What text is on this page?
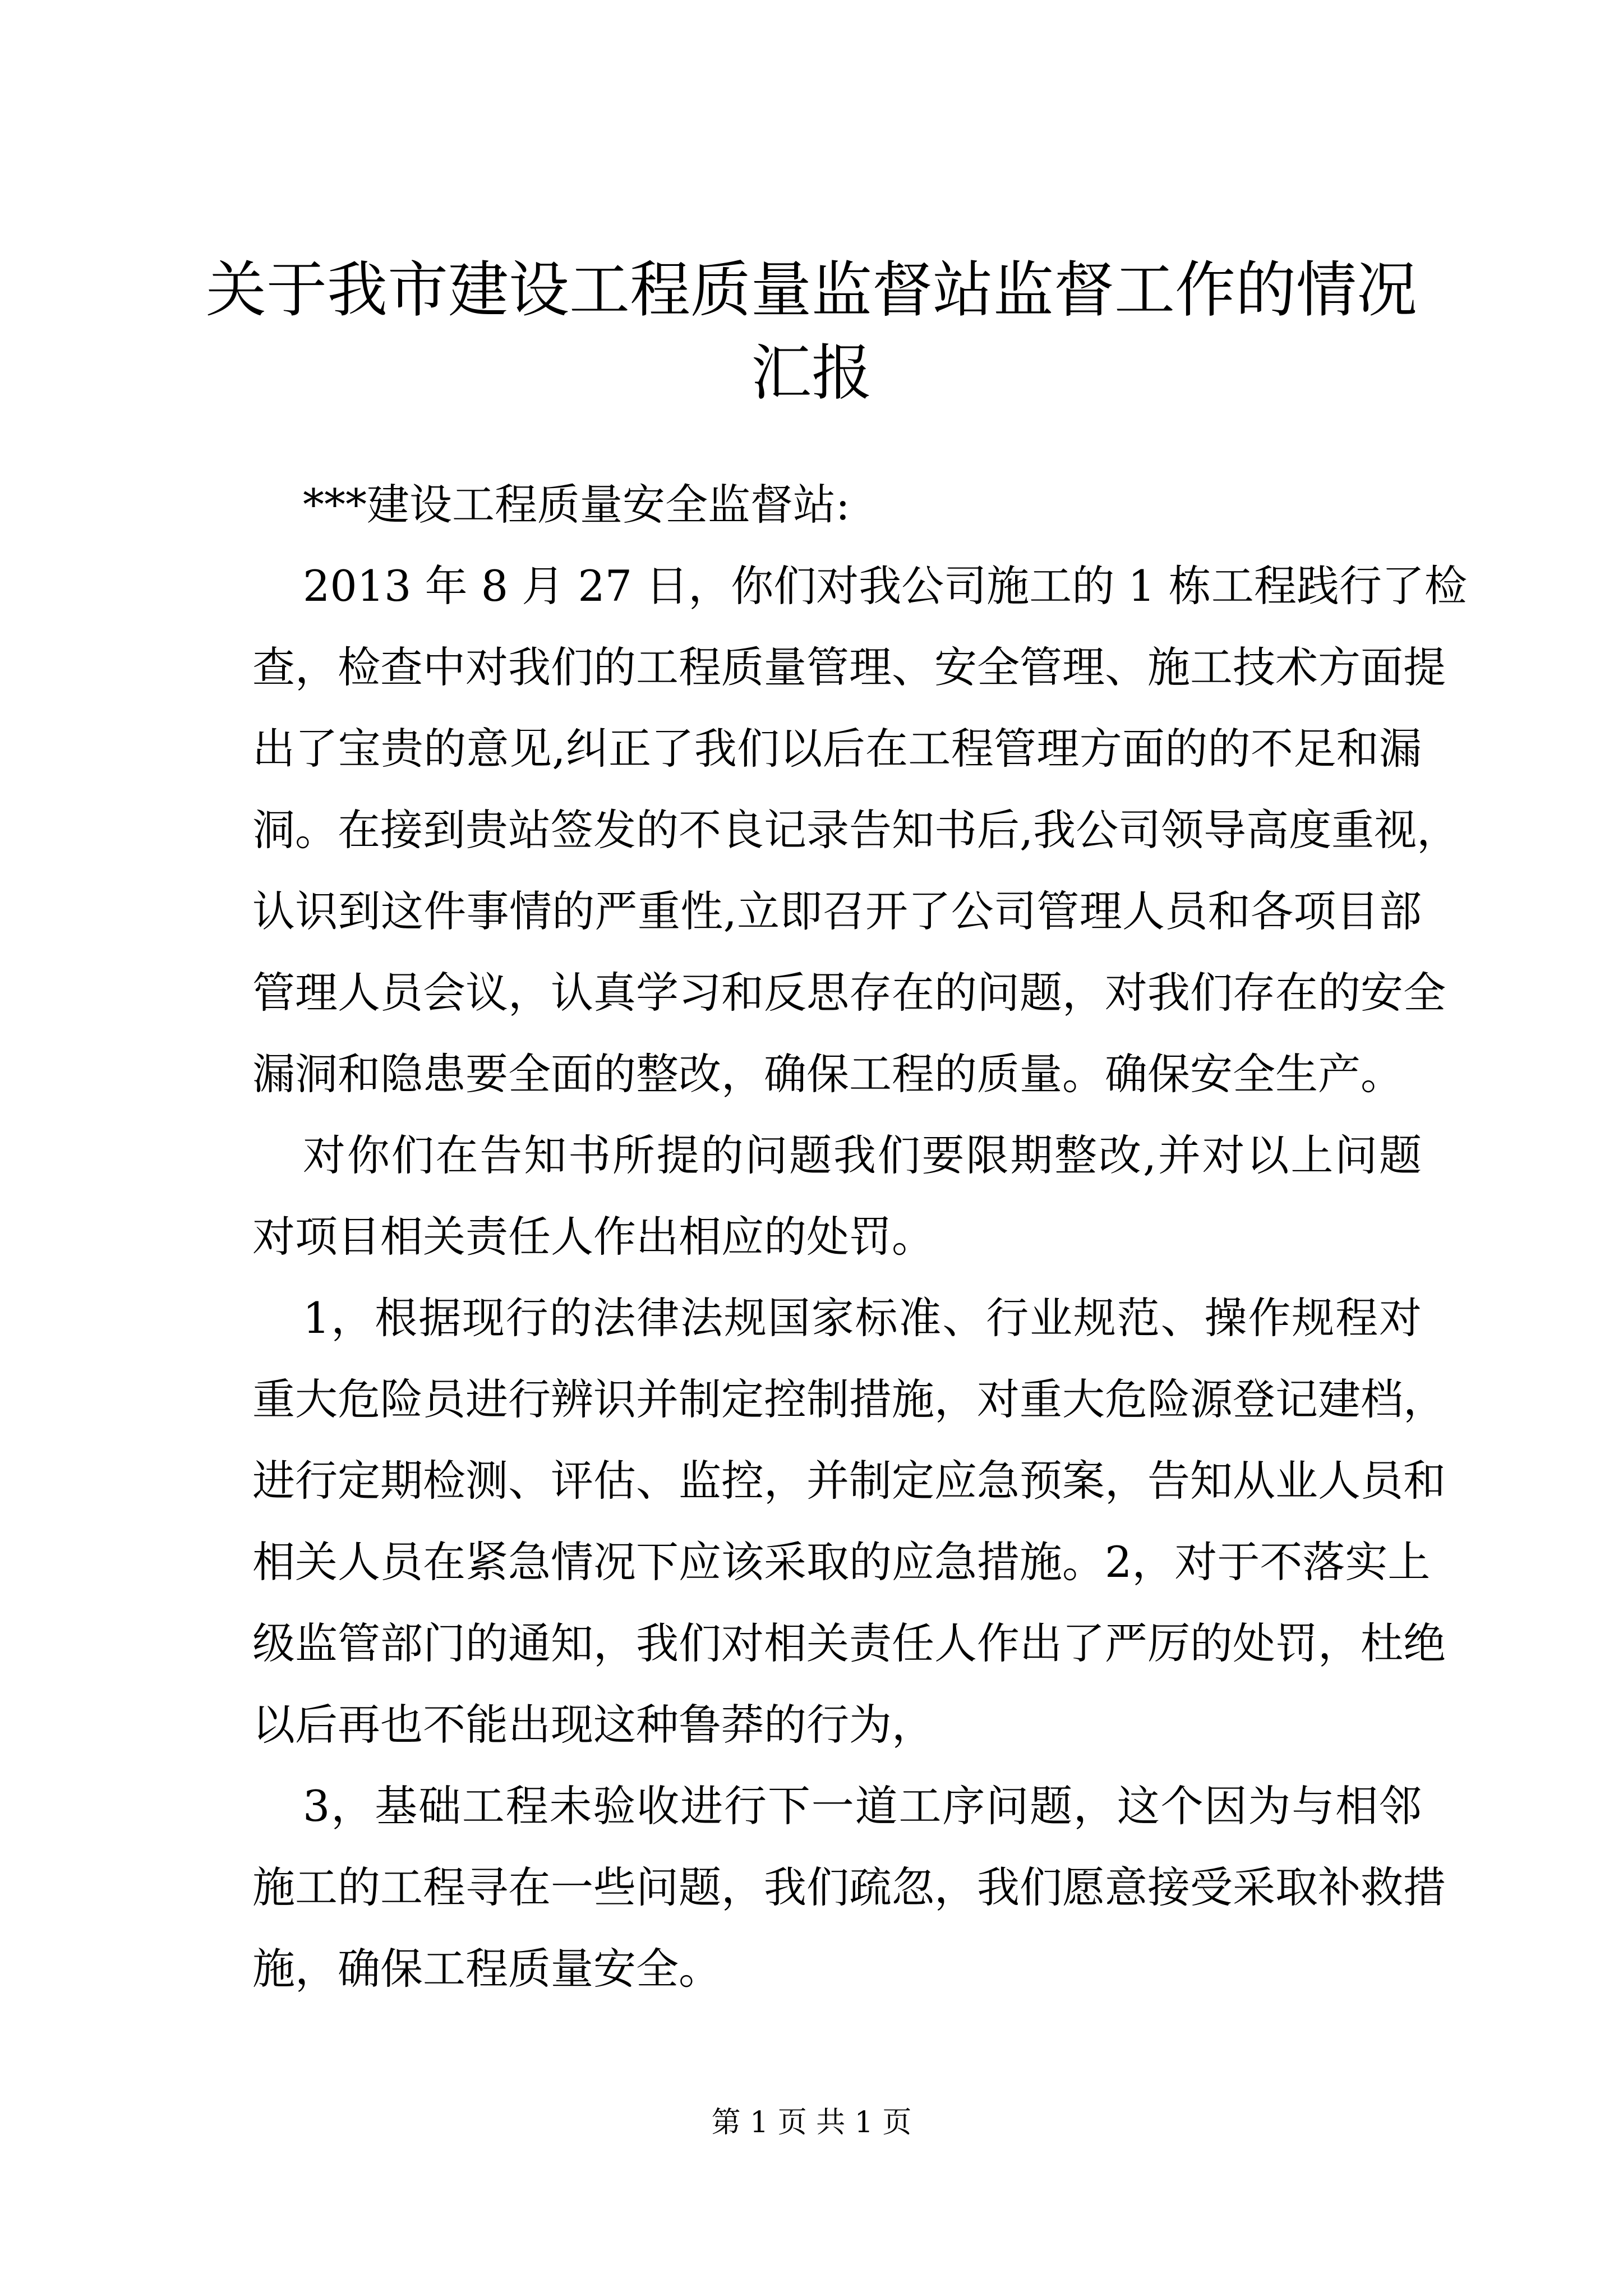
关于我市建设工程质量监督站监督工作的情况
汇报

***建设工程质量安全监督站:

2013 年 8 月 27 日，你们对我公司施工的 1 栋工程践行了检

查，检查中对我们的工程质量管理、安全管理、施工技术方面提

出了宝贵的意见,纠正了我们以后在工程管理方面的的不足和漏

洞。在接到贵站签发的不良记录告知书后,我公司领导高度重视，

认识到这件事情的严重性,立即召开了公司管理人员和各项目部

管理人员会议，认真学习和反思存在的问题，对我们存在的安全

漏洞和隐患要全面的整改，确保工程的质量。确保安全生产。

对你们在告知书所提的问题我们要限期整改,并对以上问题

对项目相关责任人作出相应的处罚。

1，根据现行的法律法规国家标准、行业规范、操作规程对

重大危险员进行辨识并制定控制措施，对重大危险源登记建档，

进行定期检测、评估、监控，并制定应急预案，告知从业人员和

相关人员在紧急情况下应该采取的应急措施。2，对于不落实上

级监管部门的通知，我们对相关责任人作出了严厉的处罚，杜绝

以后再也不能出现这种鲁莽的行为，

3，基础工程未验收进行下一道工序问题，这个因为与相邻

施工的工程寻在一些问题，我们疏忽，我们愿意接受采取补救措

施，确保工程质量安全。

第 1 页 共 1 页
